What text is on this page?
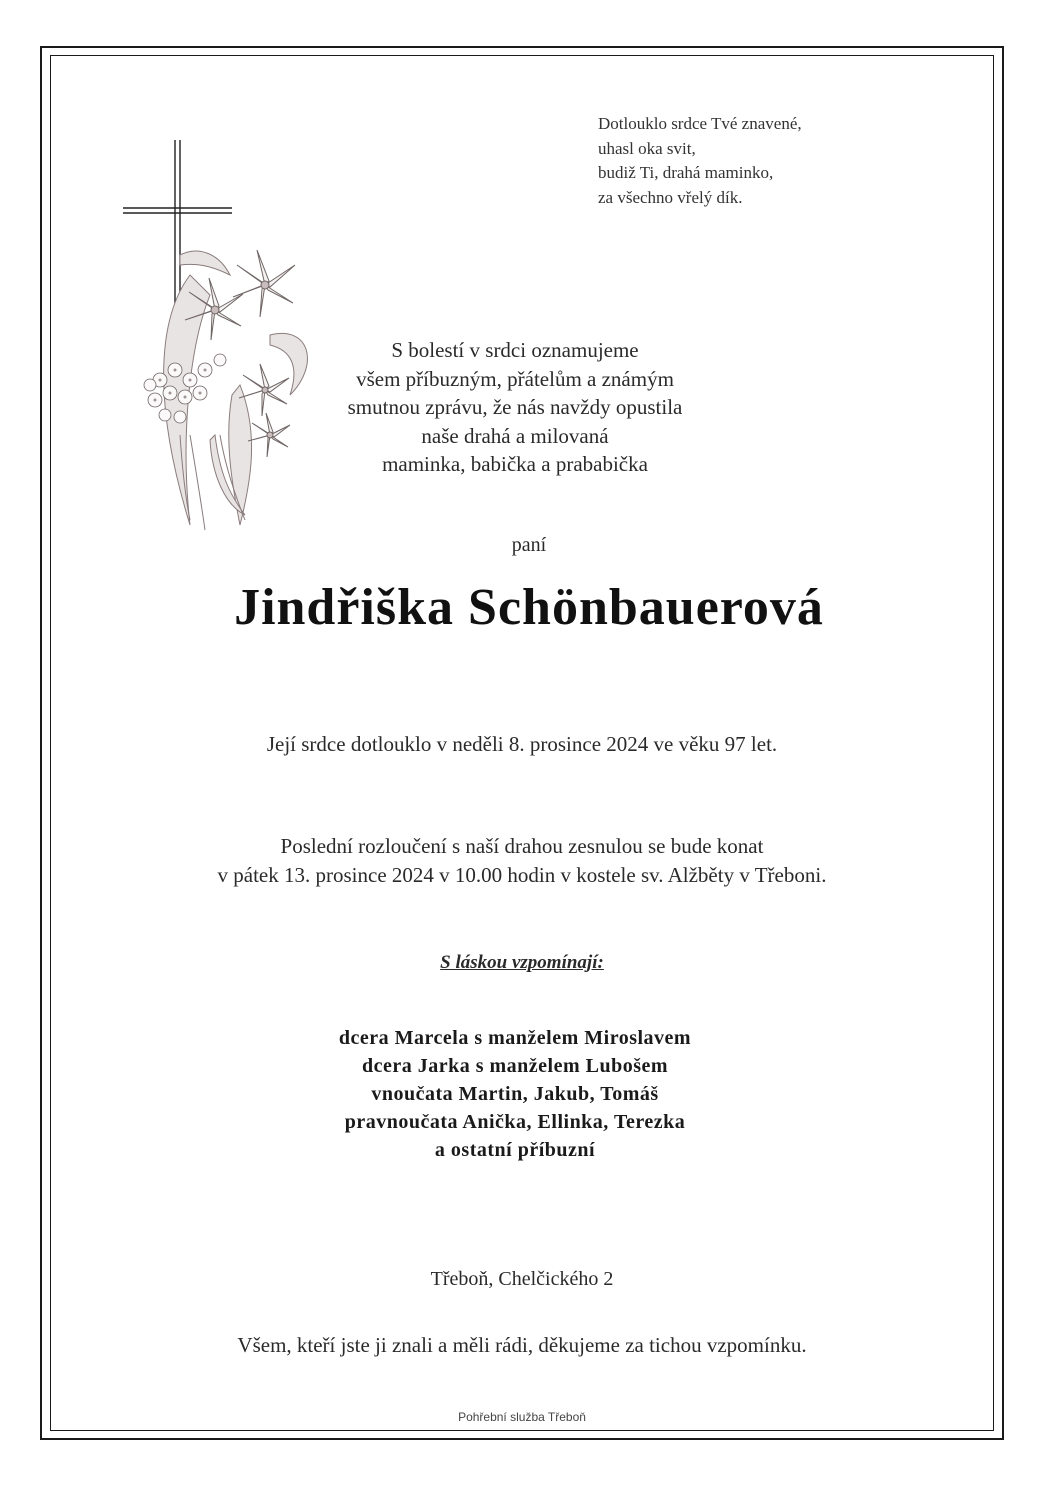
Dotlouklo srdce Tvé znavené,
uhasl oka svit,
budiž Ti, drahá maminko,
za všechno vřelý dík.
S bolestí v srdci oznamujeme
všem příbuzným, přátelům a známým
smutnou zprávu, že nás navždy opustila
naše drahá a milovaná
maminka, babička a prababička
paní
Jindřiška Schönbauerová
Její srdce dotlouklo v neděli 8. prosince 2024 ve věku 97 let.
Poslední rozloučení s naší drahou zesnulou se bude konat
v pátek 13. prosince 2024 v 10.00 hodin v kostele sv. Alžběty v Třeboni.
S láskou vzpomínají:
dcera Marcela s manželem Miroslavem
dcera Jarka s manželem Lubošem
vnoučata Martin, Jakub, Tomáš
pravnoučata Anička, Ellinka, Terezka
a ostatní příbuzní
Třeboň, Chelčického 2
Všem, kteří jste ji znali a měli rádi, děkujeme za tichou vzpomínku.
Pohřební služba Třeboň
